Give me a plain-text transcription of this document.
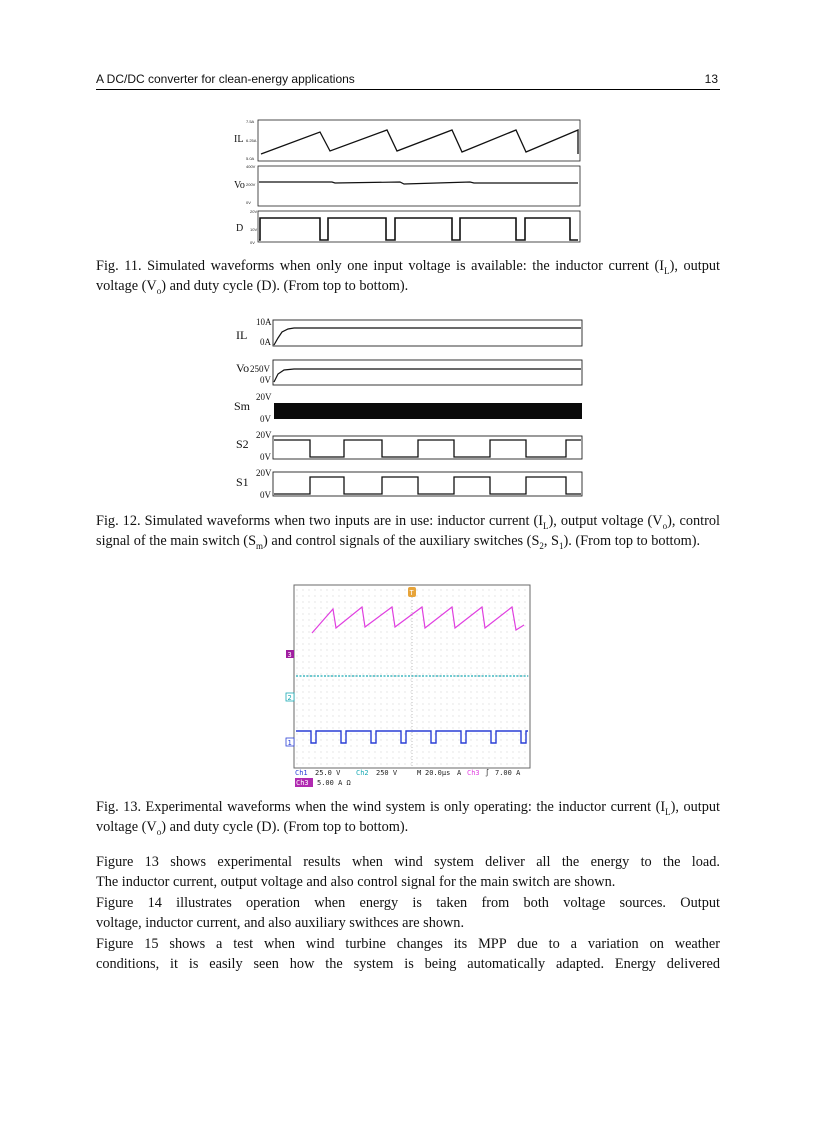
A DC/DC converter for clean-energy applications	13
IL
7.5A
6.25A
5.0A
Vo
400V
200V
0V
D
20V
10V
0V
Fig. 11. Simulated waveforms when only one input voltage is available: the inductor current $(I_L)$, output voltage $(V_o)$ and duty cycle (D). (From top to bottom).
IL
10A
0A
Vo 250V
0V
Sm
20V
0V
S2
20V
0V
S1
20V
0V
Fig. 12. Simulated waveforms when two inputs are in use: inductor current $(I_L)$, output voltage $(V_o)$, control signal of the main switch $(S_m)$ and control signals of the auxiliary switches ($S_2$, $S_1$). (From top to bottom).
T
3
2
1
Ch1 25.0 V Ch2 250 V	M 20.0µs A Ch3 ∫ 7.00 A
Ch3 5.00 A Ω
Fig. 13. Experimental waveforms when the wind system is only operating: the inductor current $(I_L)$, output voltage $(V_o)$ and duty cycle (D). (From top to bottom).

Figure 13 shows experimental results when wind system deliver all the energy to the load.

The inductor current, output voltage and also control signal for the main switch are shown.

Figure 14 illustrates operation when energy is taken from both voltage sources. Output

voltage, inductor current, and also auxiliary swithces are shown.

Figure 15 shows a test when wind turbine changes its MPP due to a variation on weather

conditions, it is easily seen how the system is being automatically adapted. Energy delivered
